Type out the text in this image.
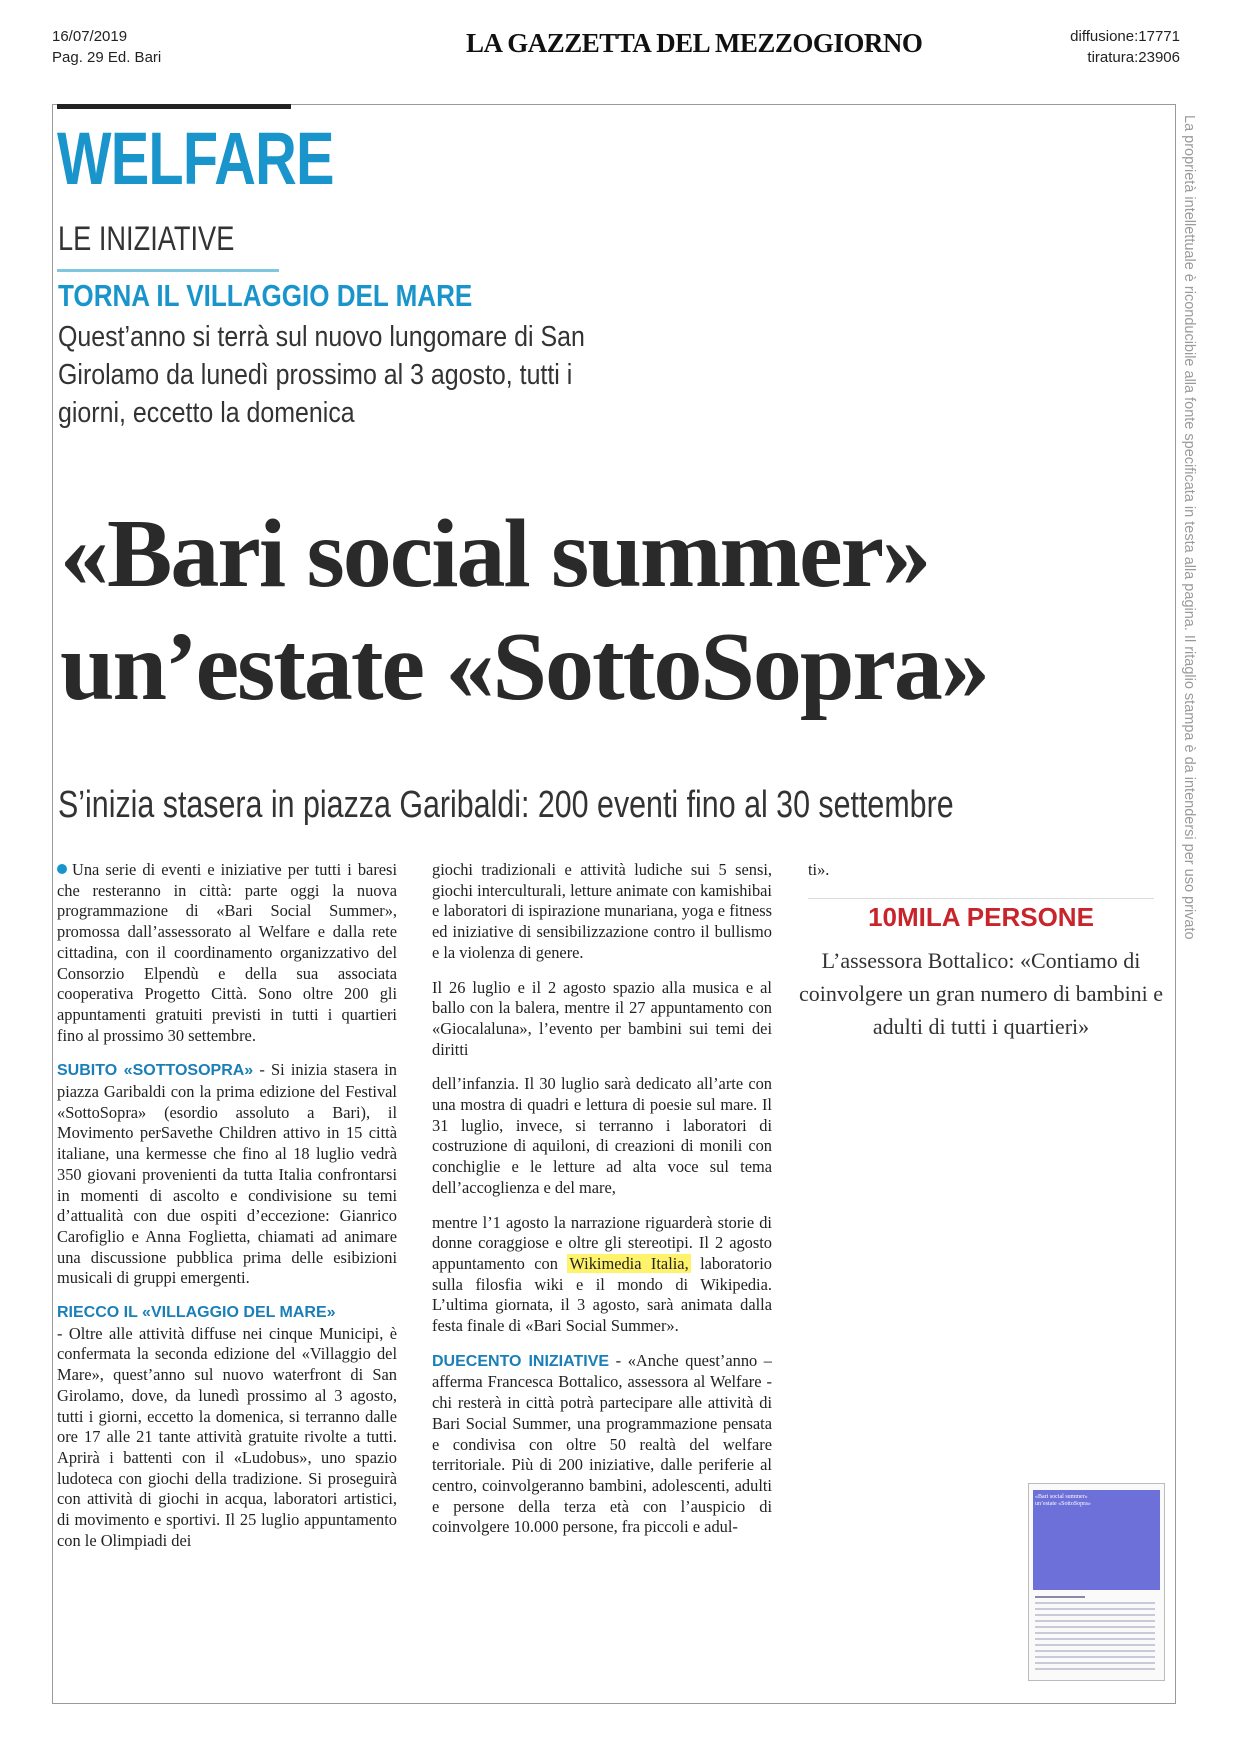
16/07/2019
Pag. 29 Ed. Bari	LA GAZZETTA DEL MEZZOGIORNO	diffusione:17771
tiratura:23906
La proprietà intellettuale è riconducibile alla fonte specificata in testa alla pagina. Il ritaglio stampa è da intendersi per uso privato
WELFARE
LE INIZIATIVE
TORNA IL VILLAGGIO DEL MARE
Quest’anno si terrà sul nuovo lungomare di San Girolamo da lunedì prossimo al 3 agosto, tutti i giorni, eccetto la domenica
«Bari social summer»
un’estate «SottoSopra»
S’inizia stasera in piazza Garibaldi: 200 eventi fino al 30 settembre

Una serie di eventi e iniziative per tutti i baresi che resteranno in città: parte oggi la nuova programmazione di «Bari Social Summer», promossa dall’assessorato al Welfare e dalla rete cittadina, con il coordinamento organizzativo del Consorzio Elpendù e della sua associata cooperativa Progetto Città. Sono oltre 200 gli appuntamenti gratuiti previsti in tutti i quartieri fino al prossimo 30 settembre.

SUBITO «SOTTOSOPRA» - Si inizia stasera in piazza Garibaldi con la prima edizione del Festival «SottoSopra» (esordio assoluto a Bari), il Movimento perSavethe Children attivo in 15 città italiane, una kermesse che fino al 18 luglio vedrà 350 giovani provenienti da tutta Italia confrontarsi in momenti di ascolto e condivisione su temi d’attualità con due ospiti d’eccezione: Gianrico Carofiglio e Anna Foglietta, chiamati ad animare una discussione pubblica prima delle esibizioni musicali di gruppi emergenti.

RIECCO IL «VILLAGGIO DEL MARE»

- Oltre alle attività diffuse nei cinque Municipi, è confermata la seconda edizione del «Villaggio del Mare», quest’anno sul nuovo waterfront di San Girolamo, dove, da lunedì prossimo al 3 agosto, tutti i giorni, eccetto la domenica, si terranno dalle ore 17 alle 21 tante attività gratuite rivolte a tutti. Aprirà i battenti con il «Ludobus», uno spazio ludoteca con giochi della tradizione. Si proseguirà con attività di giochi in acqua, laboratori artistici, di movimento e sportivi. Il 25 luglio appuntamento con le Olimpiadi dei

giochi tradizionali e attività ludiche sui 5 sensi, giochi interculturali, letture animate con kamishibai e laboratori di ispirazione munariana, yoga e fitness ed iniziative di sensibilizzazione contro il bullismo e la violenza di genere.

Il 26 luglio e il 2 agosto spazio alla musica e al ballo con la balera, mentre il 27 appuntamento con «Giocalaluna», l’evento per bambini sui temi dei diritti

dell’infanzia. Il 30 luglio sarà dedicato all’arte con una mostra di quadri e lettura di poesie sul mare. Il 31 luglio, invece, si terranno i laboratori di costruzione di aquiloni, di creazioni di monili con conchiglie e le letture ad alta voce sul tema dell’accoglienza e del mare,

mentre l’1 agosto la narrazione riguarderà storie di donne coraggiose e oltre gli stereotipi. Il 2 agosto appuntamento con Wikimedia Italia, laboratorio sulla filosfia wiki e il mondo di Wikipedia. L’ultima giornata, il 3 agosto, sarà animata dalla festa finale di «Bari Social Summer».

DUECENTO INIZIATIVE - «Anche quest’anno – afferma Francesca Bottalico, assessora al Welfare - chi resterà in città potrà partecipare alle attività di Bari Social Summer, una programmazione pensata e condivisa con oltre 50 realtà del welfare territoriale. Più di 200 iniziative, dalle periferie al centro, coinvolgeranno bambini, adolescenti, adulti e persone della terza età con l’auspicio di coinvolgere 10.000 persone, fra piccoli e adul-

ti».

10MILA PERSONE
L’assessora Bottalico: «Contiamo di coinvolgere un gran numero di bambini e adulti di tutti i quartieri»
«Bari social summer» un’estate «SottoSopra»
